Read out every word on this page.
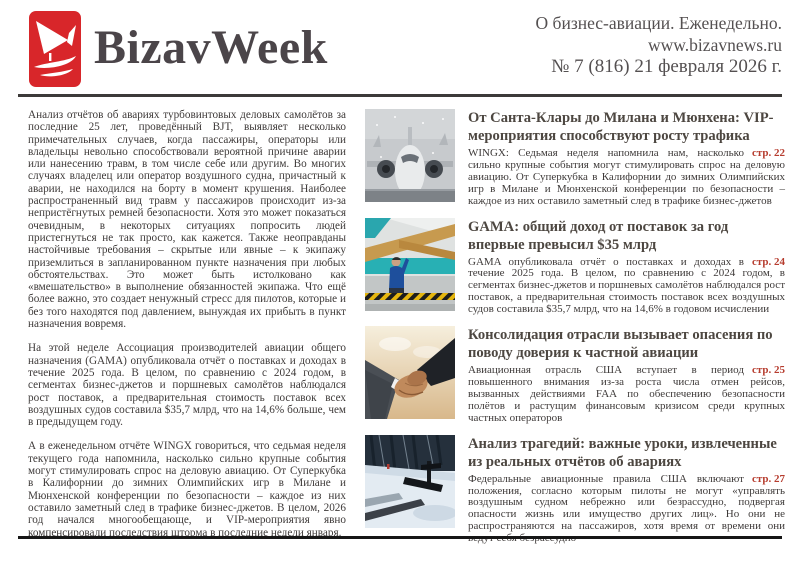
BizavWeek	О бизнес-авиации. Еженедельно.
www.bizavnews.ru
№ 7 (816) 21 февраля 2026 г.

Анализ отчётов об авариях турбовинтовых деловых самолётов за последние 25 лет, проведённый BJT, выявляет несколько примечательных случаев, когда пассажиры, операторы или владельцы невольно способствовали вероятной причине аварии или нанесению травм, в том числе себе или другим. Во многих случаях владелец или оператор воздушного судна, причастный к аварии, не находился на борту в момент крушения. Наиболее распространенный вид травм у пассажиров происходит из-за непристёгнутых ремней безопасности. Хотя это может показаться очевидным, в некоторых ситуациях попросить людей пристегнуться не так просто, как кажется. Также неоправданы настойчивые требования – скрытые или явные – к экипажу приземлиться в запланированном пункте назначения при любых обстоятельствах. Это может быть истолковано как «вмешательство» в выполнение обязанностей экипажа. Что ещё более важно, это создает ненужный стресс для пилотов, которые и без того находятся под давлением, вынуждая их прибыть в пункт назначения вовремя.

На этой неделе Ассоциация производителей авиации общего назначения (GAMA) опубликовала отчёт о поставках и доходах в течение 2025 года. В целом, по сравнению с 2024 годом, в сегментах бизнес-джетов и поршневых самолётов наблюдался рост поставок, а предварительная стоимость поставок всех воздушных судов составила $35,7 млрд, что на 14,6% больше, чем в предыдущем году.

А в еженедельном отчёте WINGX говориться, что седьмая неделя текущего года напомнила, насколько сильно крупные события могут стимулировать спрос на деловую авиацию. От Суперкубка в Калифорнии до зимних Олимпийских игр в Милане и Мюнхенской конференции по безопасности – каждое из них оставило заметный след в трафике бизнес-джетов. В целом, 2026 год начался многообещающе, и VIP-мероприятия явно компенсировали последствия шторма в последние недели января.

От Санта-Клары до Милана и Мюнхена: VIP-мероприятия способствуют росту трафика

стр. 22
WINGX: Седьмая неделя напомнила нам, насколько сильно крупные события могут стимулировать спрос на деловую авиацию. От Суперкубка в Калифорнии до зимних Олимпийских игр в Милане и Мюнхенской конференции по безопасности – каждое из них оставило заметный след в трафике бизнес-джетов

GAMA: общий доход от поставок за год впервые превысил $35 млрд

стр. 24
GAMA опубликовала отчёт о поставках и доходах в течение 2025 года. В целом, по сравнению с 2024 годом, в сегментах бизнес-джетов и поршневых самолётов наблюдался рост поставок, а предварительная стоимость поставок всех воздушных судов составила $35,7 млрд, что на 14,6% в годовом исчислении

Консолидация отрасли вызывает опасения по поводу доверия к частной авиации

стр. 25
Авиационная отрасль США вступает в период повышенного внимания из-за роста числа отмен рейсов, вызванных действиями FAA по обеспечению безопасности полётов и растущим финансовым кризисом среди крупных частных операторов

Анализ трагедий: важные уроки, извлеченные из реальных отчётов об авариях

стр. 27
Федеральные авиационные правила США включают положения, согласно которым пилоты не могут «управлять воздушным судном небрежно или безрассудно, подвергая опасности жизнь или имущество других лиц». Но они не распространяются на пассажиров, хотя время от времени они ведут себя безрассудно
